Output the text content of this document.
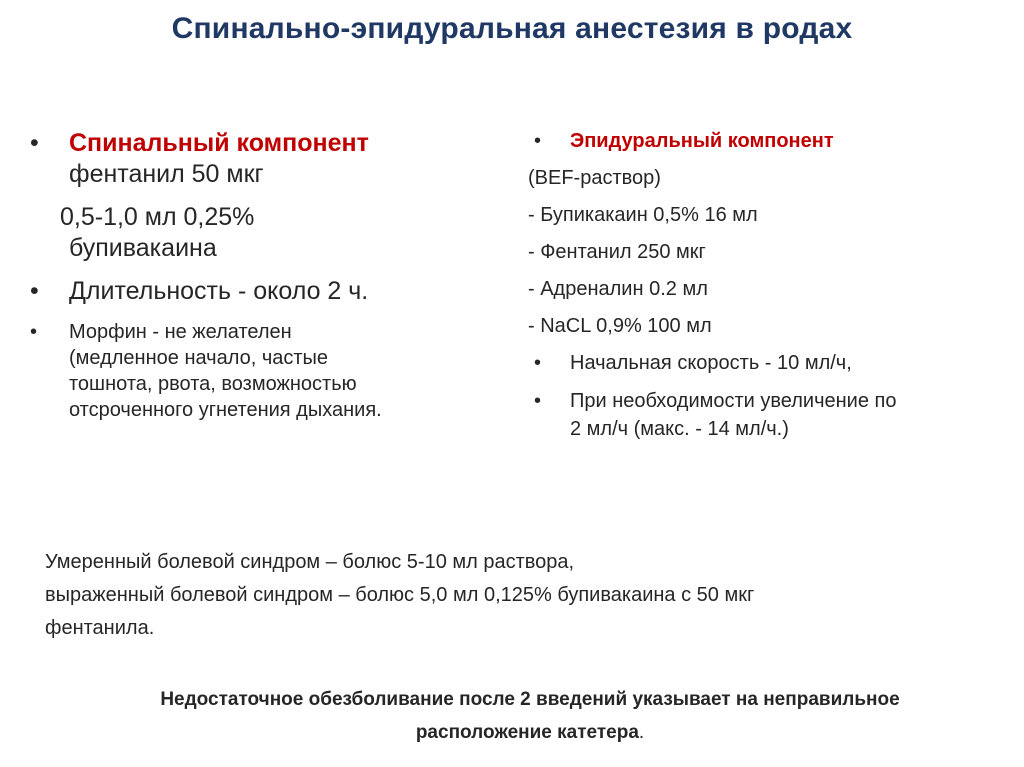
Спинально-эпидуральная анестезия в родах
• Спинальный компонент
фентанил 50 мкг
0,5-1,0 мл 0,25%
бупивакаина
• Длительность - около 2 ч.
• Морфин - не желателен
(медленное начало, частые
тошнота, рвота, возможностью
отсроченного угнетения дыхания.
• Эпидуральный компонент
(BEF-раствор)
- Бупикакаин 0,5% 16 мл
- Фентанил 250 мкг
- Адреналин 0.2 мл
- NaCL 0,9% 100 мл
• Начальная скорость - 10 мл/ч,
• При необходимости увеличение по
2 мл/ч (макс. - 14 мл/ч.)
Умеренный болевой синдром – болюс 5-10 мл раствора,
выраженный болевой синдром – болюс 5,0 мл 0,125% бупивакаина с 50 мкг
фентанила.
Недостаточное обезболивание после 2 введений указывает на неправильное
расположение катетера.
